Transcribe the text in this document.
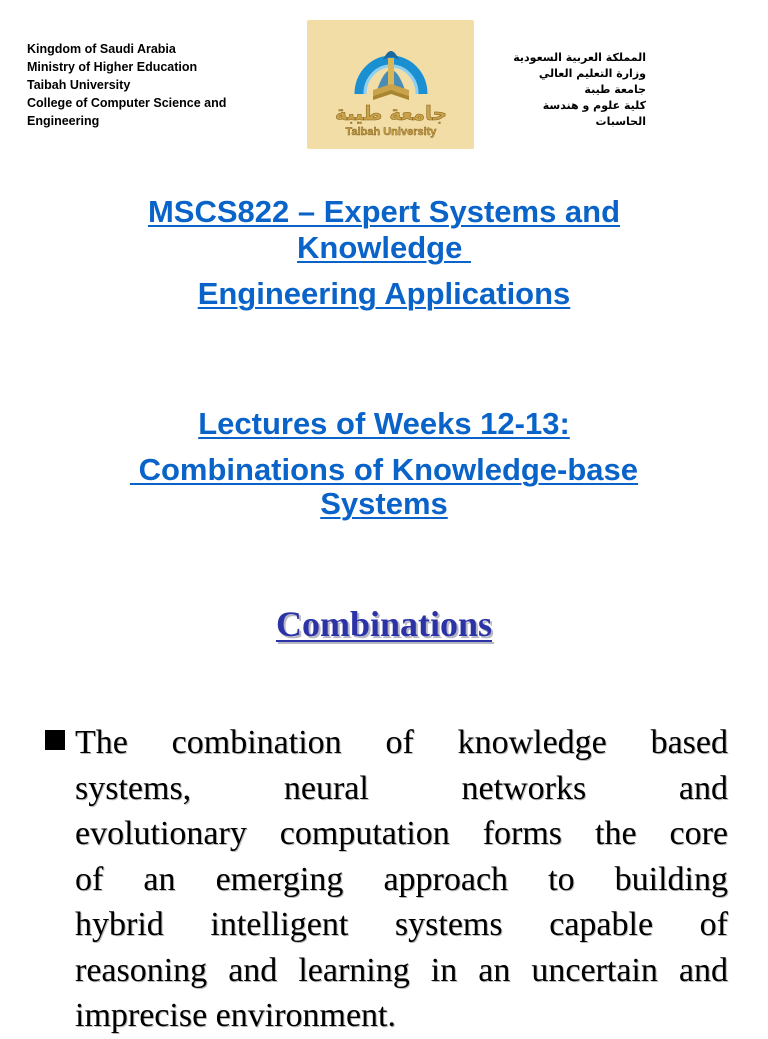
Kingdom of Saudi Arabia
Ministry of Higher Education
Taibah University
College of Computer Science and
Engineering	جامعة طيبة
Taibah University
المملكة العربية السعودية
وزارة التعليم العالي
جامعة طيبة
كلية علوم و هندسة الحاسبات
MSCS822 – Expert Systems and
Knowledge
Engineering Applications
Lectures of Weeks 12-13:
Combinations of Knowledge-base
Systems
Combinations
The combination of knowledge based
systems, neural networks and
evolutionary computation forms the core
of an emerging approach to building
hybrid intelligent systems capable of
reasoning and learning in an uncertain and
imprecise environment.
